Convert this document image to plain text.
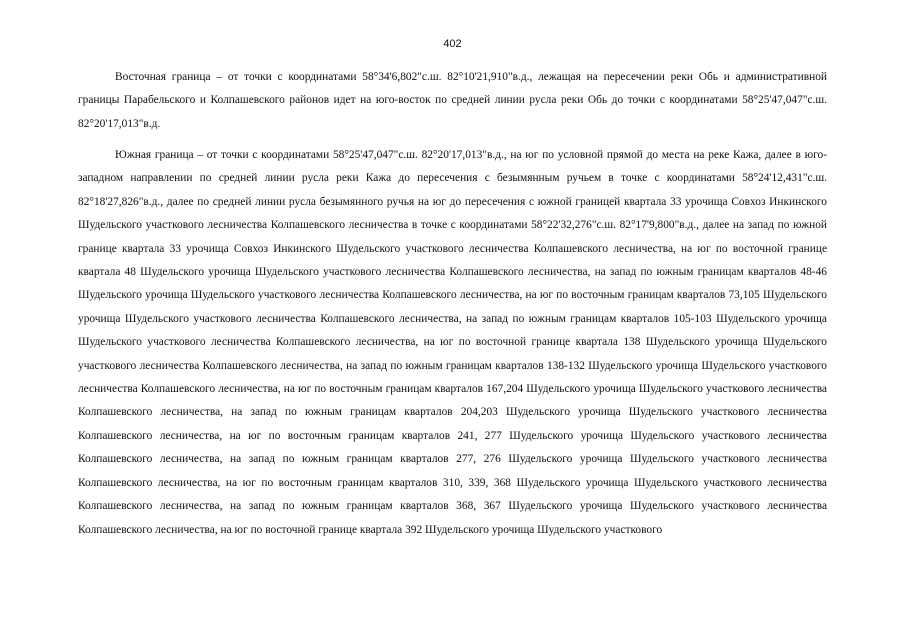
402

Восточная граница – от точки с координатами 58°34'6,802"с.ш. 82°10'21,910"в.д., лежащая на пересечении реки Обь и административной границы Парабельского и Колпашевского районов идет на юго-восток по средней линии русла реки Обь до точки с координатами 58°25'47,047"с.ш. 82°20'17,013"в.д.

Южная граница – от точки с координатами 58°25'47,047"с.ш. 82°20'17,013"в.д., на юг по условной прямой до места на реке Кажа, далее в юго-западном направлении по средней линии русла реки Кажа до пересечения с безымянным ручьем в точке с координатами 58°24'12,431"с.ш. 82°18'27,826"в.д., далее по средней линии русла безымянного ручья на юг до пересечения с южной границей квартала 33 урочища Совхоз Инкинского Шудельского участкового лесничества Колпашевского лесничества в точке с координатами 58°22'32,276"с.ш. 82°17'9,800"в.д., далее на запад по южной границе квартала 33 урочища Совхоз Инкинского Шудельского участкового лесничества Колпашевского лесничества, на юг по восточной границе квартала 48 Шудельского урочища Шудельского участкового лесничества Колпашевского лесничества, на запад по южным границам кварталов 48-46 Шудельского урочища Шудельского участкового лесничества Колпашевского лесничества, на юг по восточным границам кварталов 73,105 Шудельского урочища Шудельского участкового лесничества Колпашевского лесничества, на запад по южным границам кварталов 105-103 Шудельского урочища Шудельского участкового лесничества Колпашевского лесничества, на юг по восточной границе квартала 138 Шудельского урочища Шудельского участкового лесничества Колпашевского лесничества, на запад по южным границам кварталов 138-132 Шудельского урочища Шудельского участкового лесничества Колпашевского лесничества, на юг по восточным границам кварталов 167,204 Шудельского урочища Шудельского участкового лесничества Колпашевского лесничества, на запад по южным границам кварталов 204,203 Шудельского урочища Шудельского участкового лесничества Колпашевского лесничества, на юг по восточным границам кварталов 241, 277 Шудельского урочища Шудельского участкового лесничества Колпашевского лесничества, на запад по южным границам кварталов 277, 276 Шудельского урочища Шудельского участкового лесничества Колпашевского лесничества, на юг по восточным границам кварталов 310, 339, 368 Шудельского урочища Шудельского участкового лесничества Колпашевского лесничества, на запад по южным границам кварталов 368, 367 Шудельского урочища Шудельского участкового лесничества Колпашевского лесничества, на юг по восточной границе квартала 392 Шудельского урочища Шудельского участкового
